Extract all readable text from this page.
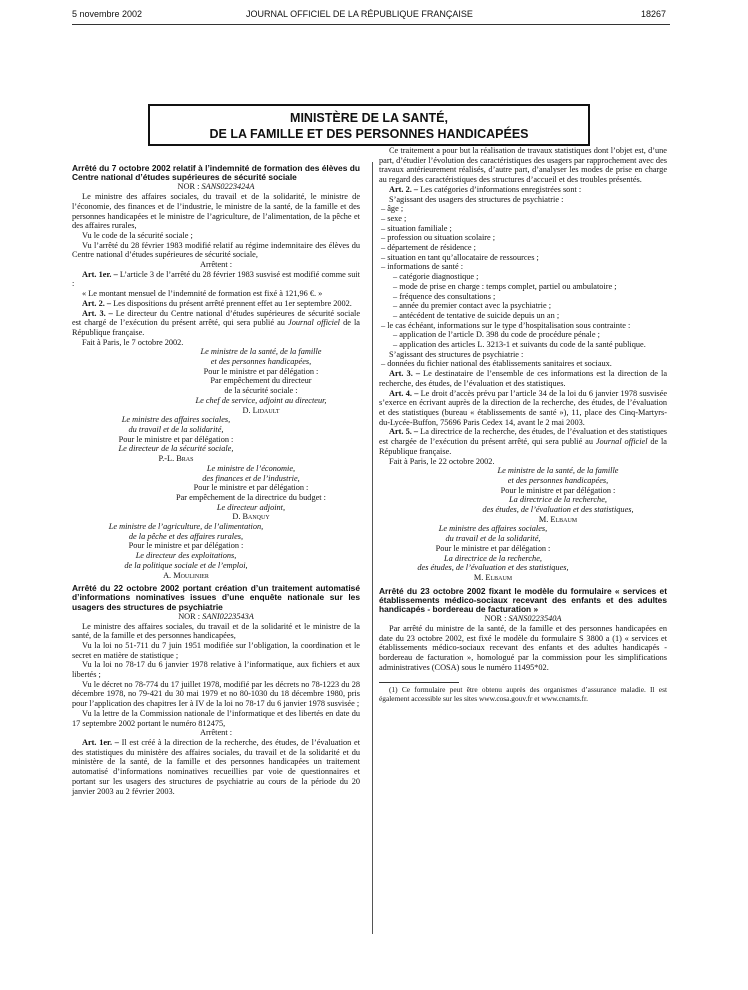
5 novembre 2002	JOURNAL OFFICIEL DE LA RÉPUBLIQUE FRANÇAISE	18267
MINISTÈRE DE LA SANTÉ,
DE LA FAMILLE ET DES PERSONNES HANDICAPÉES

Arrêté du 7 octobre 2002 relatif à l’indemnité de formation des élèves du Centre national d’études supérieures de sécurité sociale

NOR : SANS0223424A

Le ministre des affaires sociales, du travail et de la solidarité, le ministre de l’économie, des finances et de l’industrie, le ministre de la santé, de la famille et des personnes handicapées et le ministre de l’agriculture, de l’alimentation, de la pêche et des affaires rurales,

Vu le code de la sécurité sociale ;

Vu l’arrêté du 28 février 1983 modifié relatif au régime indemnitaire des élèves du Centre national d’études supérieures de sécurité sociale,

Arrêtent :

Art. 1er. – L’article 3 de l’arrêté du 28 février 1983 susvisé est modifié comme suit :

« Le montant mensuel de l’indemnité de formation est fixé à 121,96 €. »

Art. 2. – Les dispositions du présent arrêté prennent effet au 1er septembre 2002.

Art. 3. – Le directeur du Centre national d’études supérieures de sécurité sociale est chargé de l’exécution du présent arrêté, qui sera publié au Journal officiel de la République française.

Fait à Paris, le 7 octobre 2002.

Le ministre de la santé, de la famille
et des personnes handicapées,
Pour le ministre et par délégation :
Par empêchement du directeur
de la sécurité sociale :
Le chef de service, adjoint au directeur,
D. Lidault
Le ministre des affaires sociales,
du travail et de la solidarité,
Pour le ministre et par délégation :
Le directeur de la sécurité sociale,
P.-L. Bras
Le ministre de l’économie,
des finances et de l’industrie,
Pour le ministre et par délégation :
Par empêchement de la directrice du budget :
Le directeur adjoint,
D. Banquy
Le ministre de l’agriculture, de l’alimentation,
de la pêche et des affaires rurales,
Pour le ministre et par délégation :
Le directeur des exploitations,
de la politique sociale et de l’emploi,
A. Moulinier

Arrêté du 22 octobre 2002 portant création d’un traitement automatisé d’informations nominatives issues d’une enquête nationale sur les usagers des structures de psychiatrie

NOR : SANI0223543A

Le ministre des affaires sociales, du travail et de la solidarité et le ministre de la santé, de la famille et des personnes handicapées,

Vu la loi no 51-711 du 7 juin 1951 modifiée sur l’obligation, la coordination et le secret en matière de statistique ;

Vu la loi no 78-17 du 6 janvier 1978 relative à l’informatique, aux fichiers et aux libertés ;

Vu le décret no 78-774 du 17 juillet 1978, modifié par les décrets no 78-1223 du 28 décembre 1978, no 79-421 du 30 mai 1979 et no 80-1030 du 18 décembre 1980, pris pour l’application des chapitres Ier à IV de la loi no 78-17 du 6 janvier 1978 susvisée ;

Vu la lettre de la Commission nationale de l’informatique et des libertés en date du 17 septembre 2002 portant le numéro 812475,

Arrêtent :

Art. 1er. – Il est créé à la direction de la recherche, des études, de l’évaluation et des statistiques du ministère des affaires sociales, du travail et de la solidarité et du ministère de la santé, de la famille et des personnes handicapées un traitement automatisé d’informations nominatives recueillies par voie de questionnaires et portant sur les usagers des structures de psychiatrie au cours de la période du 20 janvier 2003 au 2 février 2003.

Ce traitement a pour but la réalisation de travaux statistiques dont l’objet est, d’une part, d’étudier l’évolution des caractéristiques des usagers par rapprochement avec des travaux antérieurement réalisés, d’autre part, d’analyser les modes de prise en charge au regard des caractéristiques des structures d’accueil et des troubles présentés.

Art. 2. – Les catégories d’informations enregistrées sont :

S’agissant des usagers des structures de psychiatrie :

– âge ;

– sexe ;

– situation familiale ;

– profession ou situation scolaire ;

– département de résidence ;

– situation en tant qu’allocataire de ressources ;

– informations de santé :

– catégorie diagnostique ;

– mode de prise en charge : temps complet, partiel ou ambulatoire ;

– fréquence des consultations ;

– année du premier contact avec la psychiatrie ;

– antécédent de tentative de suicide depuis un an ;

– le cas échéant, informations sur le type d’hospitalisation sous contrainte :

– application de l’article D. 398 du code de procédure pénale ;

– application des articles L. 3213-1 et suivants du code de la santé publique.

S’agissant des structures de psychiatrie :

– données du fichier national des établissements sanitaires et sociaux.

Art. 3. – Le destinataire de l’ensemble de ces informations est la direction de la recherche, des études, de l’évaluation et des statistiques.

Art. 4. – Le droit d’accès prévu par l’article 34 de la loi du 6 janvier 1978 susvisée s’exerce en écrivant auprès de la direction de la recherche, des études, de l’évaluation et des statistiques (bureau « établissements de santé »), 11, place des Cinq-Martyrs-du-Lycée-Buffon, 75696 Paris Cedex 14, avant le 2 mai 2003.

Art. 5. – La directrice de la recherche, des études, de l’évaluation et des statistiques est chargée de l’exécution du présent arrêté, qui sera publié au Journal officiel de la République française.

Fait à Paris, le 22 octobre 2002.

Le ministre de la santé, de la famille
et des personnes handicapées,
Pour le ministre et par délégation :
La directrice de la recherche,
des études, de l’évaluation et des statistiques,
M. Elbaum
Le ministre des affaires sociales,
du travail et de la solidarité,
Pour le ministre et par délégation :
La directrice de la recherche,
des études, de l’évaluation et des statistiques,
M. Elbaum

Arrêté du 23 octobre 2002 fixant le modèle du formulaire « services et établissements médico-sociaux recevant des enfants et des adultes handicapés - bordereau de facturation »

NOR : SANS0223540A

Par arrêté du ministre de la santé, de la famille et des personnes handicapées en date du 23 octobre 2002, est fixé le modèle du formulaire S 3800 a (1) « services et établissements médico-sociaux recevant des enfants et des adultes handicapés - bordereau de facturation », homologué par la commission pour les simplifications administratives (COSA) sous le numéro 11495*02.

(1) Ce formulaire peut être obtenu auprès des organismes d’assurance maladie. Il est également accessible sur les sites www.cosa.gouv.fr et www.cnamts.fr.
